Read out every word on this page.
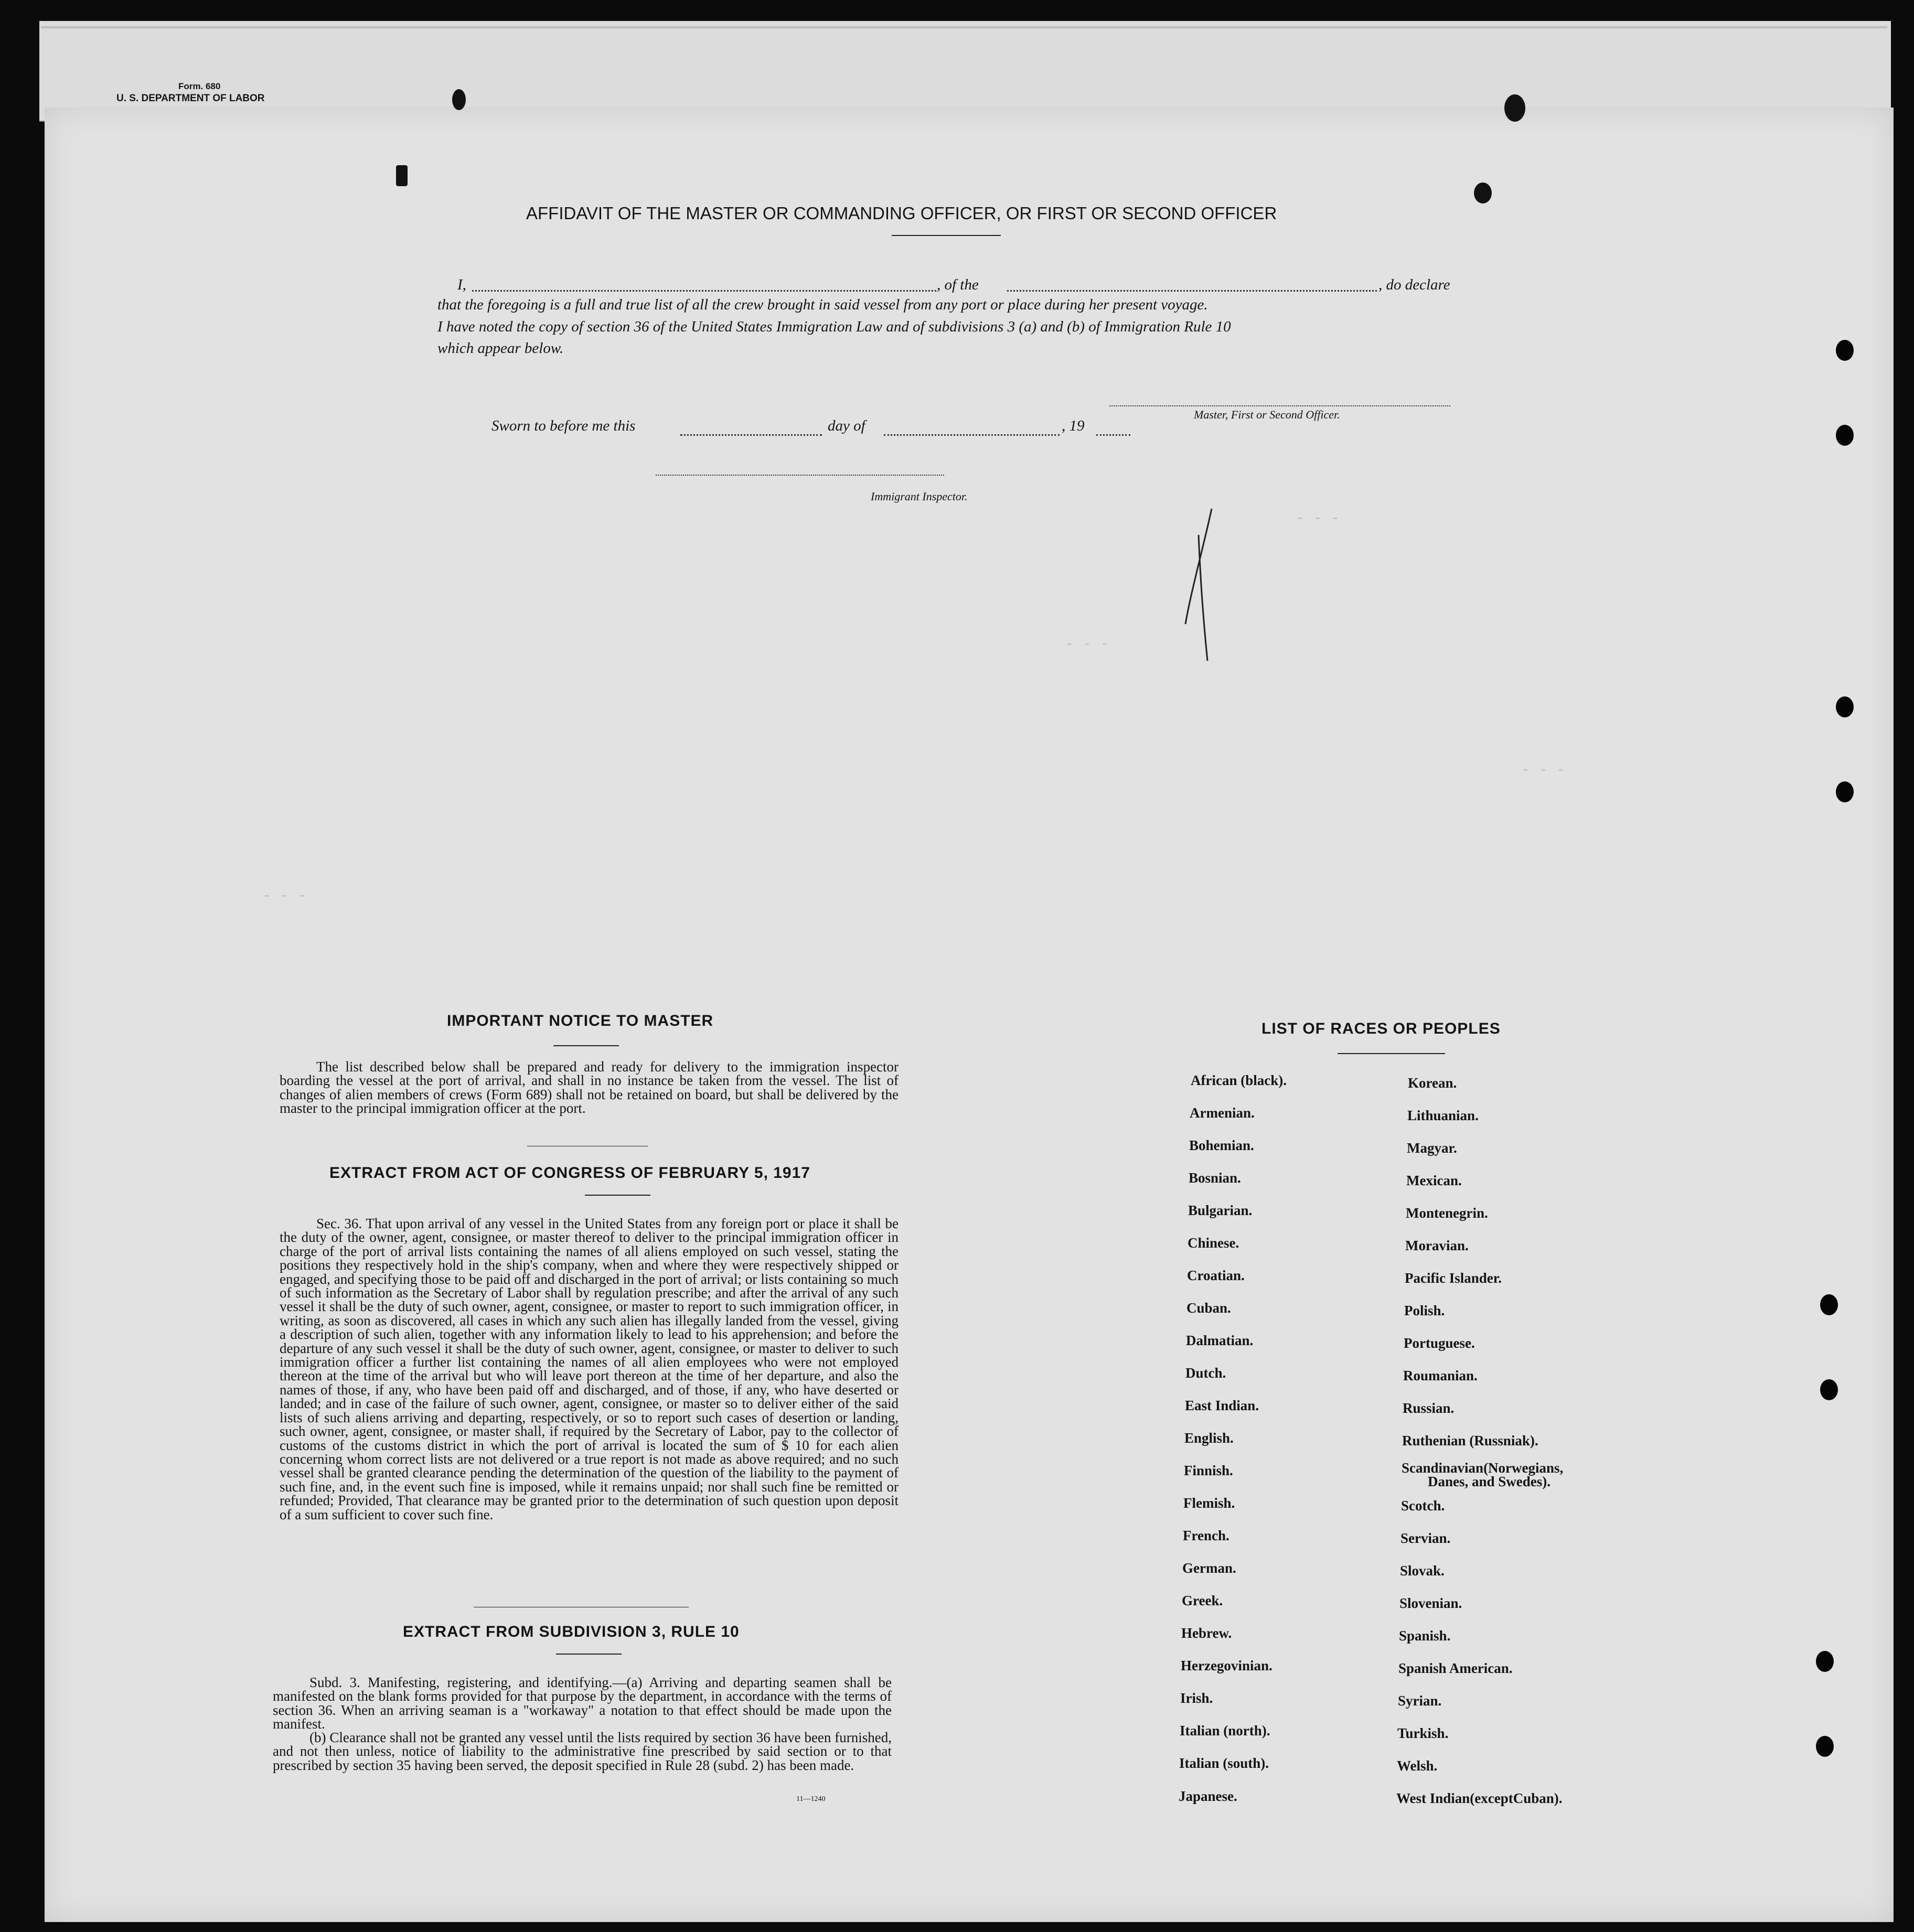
Form. 680
U. S. DEPARTMENT OF LABOR
- - -
- - -
- - -
- - -
AFFIDAVIT OF THE MASTER OR COMMANDING OFFICER, OR FIRST OR SECOND OFFICER
I,	, of the	, do declare
that the foregoing is a full and true list of all the crew brought in said vessel from any port or place during her present voyage.
I have noted the copy of section 36 of the United States Immigration Law and of subdivisions 3 (a) and (b) of Immigration Rule 10
which appear below.
Master, First or Second Officer.
Sworn to before me this	day of	, 19
Immigrant Inspector.
IMPORTANT NOTICE TO MASTER
The list described below shall be prepared and ready for delivery to the immigration inspector boarding the vessel at the port of arrival, and shall in no instance be taken from the vessel. The list of changes of alien members of crews (Form 689) shall not be retained on board, but shall be delivered by the master to the principal immigration officer at the port.
EXTRACT FROM ACT OF CONGRESS OF FEBRUARY 5, 1917
Sec. 36. That upon arrival of any vessel in the United States from any foreign port or place it shall be the duty of the owner, agent, consignee, or master thereof to deliver to the principal immigration officer in charge of the port of arrival lists containing the names of all aliens employed on such vessel, stating the positions they respectively hold in the ship's company, when and where they were respectively shipped or engaged, and specifying those to be paid off and discharged in the port of arrival; or lists containing so much of such information as the Secretary of Labor shall by regulation prescribe; and after the arrival of any such vessel it shall be the duty of such owner, agent, consignee, or master to report to such immigration officer, in writing, as soon as discovered, all cases in which any such alien has illegally landed from the vessel, giving a description of such alien, together with any information likely to lead to his apprehension; and before the departure of any such vessel it shall be the duty of such owner, agent, consignee, or master to deliver to such immigration officer a further list containing the names of all alien employees who were not employed thereon at the time of the arrival but who will leave port thereon at the time of her departure, and also the names of those, if any, who have been paid off and discharged, and of those, if any, who have deserted or landed; and in case of the failure of such owner, agent, consignee, or master so to deliver either of the said lists of such aliens arriving and departing, respectively, or so to report such cases of desertion or landing, such owner, agent, consignee, or master shall, if required by the Secretary of Labor, pay to the collector of customs of the customs district in which the port of arrival is located the sum of $ 10 for each alien concerning whom correct lists are not delivered or a true report is not made as above required; and no such vessel shall be granted clearance pending the determination of the question of the liability to the payment of such fine, and, in the event such fine is imposed, while it remains unpaid; nor shall such fine be remitted or refunded; Provided, That clearance may be granted prior to the determination of such question upon deposit of a sum sufficient to cover such fine.
EXTRACT FROM SUBDIVISION 3, RULE 10
Subd. 3. Manifesting, registering, and identifying.—(a) Arriving and departing seamen shall be manifested on the blank forms provided for that purpose by the department, in accordance with the terms of section 36. When an arriving seaman is a "workaway" a notation to that effect should be made upon the manifest.
(b) Clearance shall not be granted any vessel until the lists required by section 36 have been furnished, and not then unless, notice of liability to the administrative fine prescribed by said section or to that prescribed by section 35 having been served, the deposit specified in Rule 28 (subd. 2) has been made.
11—1240
LIST OF RACES OR PEOPLES
African (black).
Armenian.
Bohemian.
Bosnian.
Bulgarian.
Chinese.
Croatian.
Cuban.
Dalmatian.
Dutch.
East Indian.
English.
Finnish.
Flemish.
French.
German.
Greek.
Hebrew.
Herzegovinian.
Irish.
Italian (north).
Italian (south).
Japanese.
Korean.
Lithuanian.
Magyar.
Mexican.
Montenegrin.
Moravian.
Pacific Islander.
Polish.
Portuguese.
Roumanian.
Russian.
Ruthenian (Russniak).
Scandinavian(Norwegians,
Danes, and Swedes).
Scotch.
Servian.
Slovak.
Slovenian.
Spanish.
Spanish American.
Syrian.
Turkish.
Welsh.
West Indian(exceptCuban).
